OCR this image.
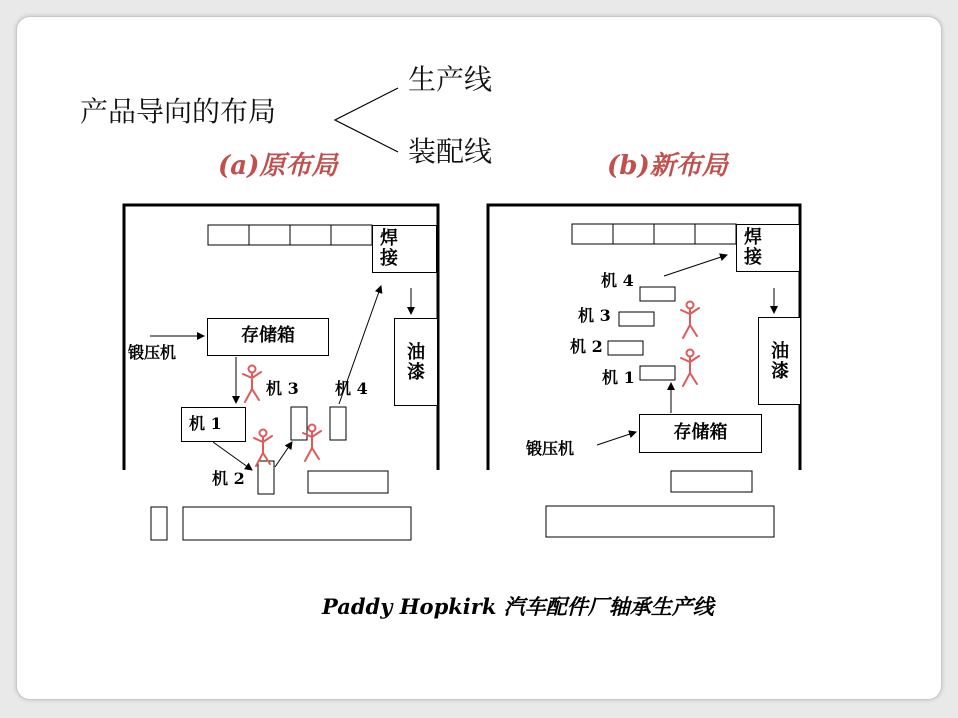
产品导向的布局
生产线
装配线
(a)原布局	(b)新布局
焊接
油漆
存储箱
机 1
锻压机
机 2
机 3 机 4
焊接
油漆
存储箱
锻压机
机 4
机 3
机 2
机 1
Paddy Hopkirk 汽车配件厂轴承生产线
